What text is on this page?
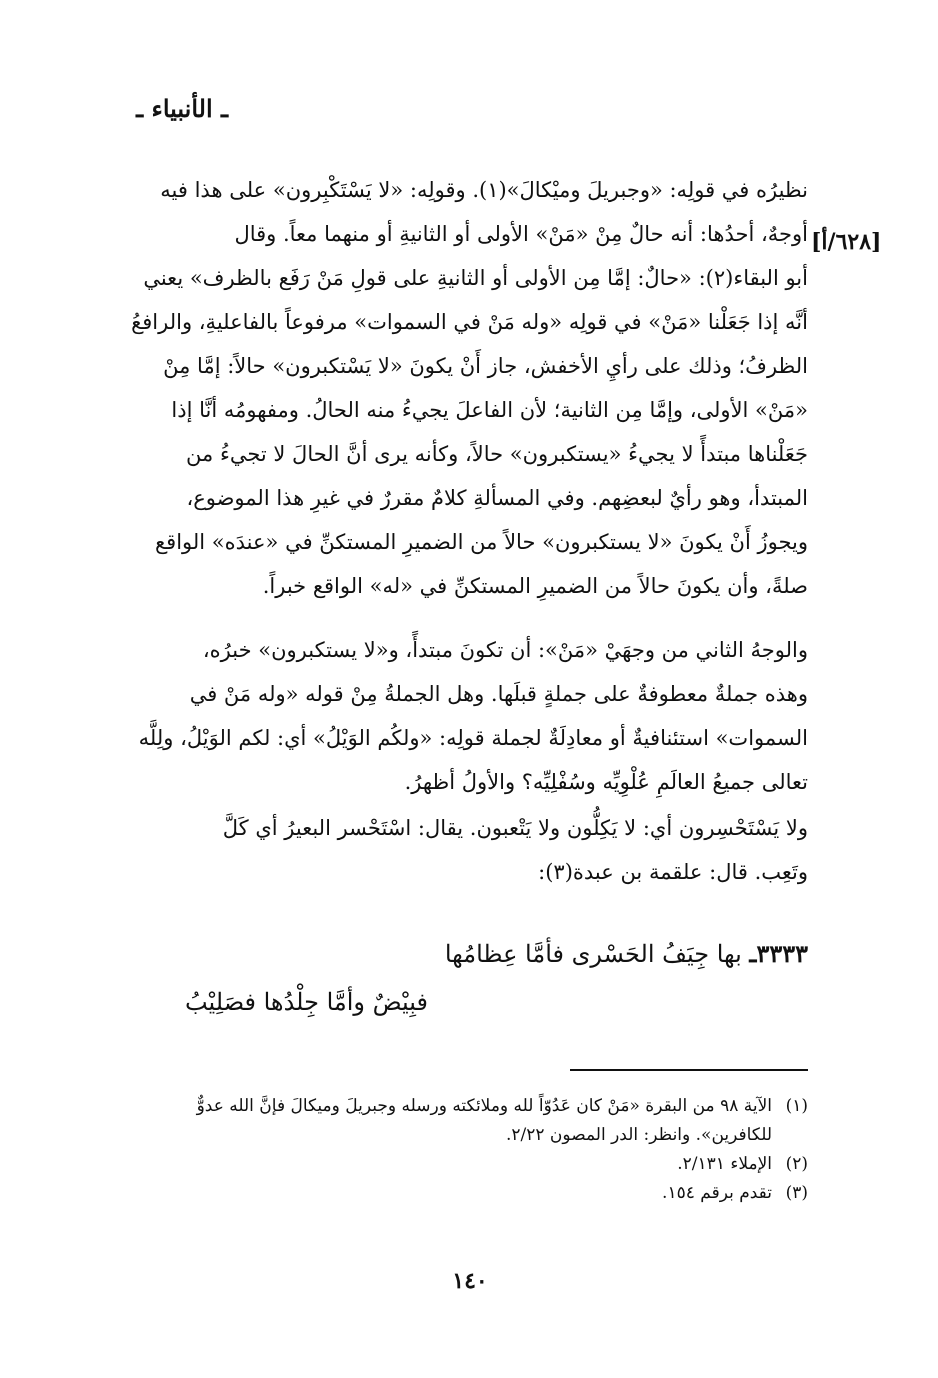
ـ الأنبياء ـ
[٦٢٨/أ]
نظيرُه في قولِه: «وجبريلَ وميْكالَ»(١). وقولِه: «لا يَسْتَكْبِرون» على هذا فيه
أوجهٌ، أحدُها: أنه حالٌ مِنْ «مَنْ» الأولى أو الثانيةِ أو منهما معاً. وقال
أبو البقاء(٢): «حالٌ: إمَّا مِن الأولى أو الثانيةِ على قولِ مَنْ رَفَع بالظرف» يعني
أنَّه إذا جَعَلْنا «مَنْ» في قولِه «وله مَنْ في السموات» مرفوعاً بالفاعليةِ، والرافعُ
الظرفُ؛ وذلك على رأيِ الأخفش، جاز أَنْ يكونَ «لا يَسْتكبرون» حالاً: إمَّا مِنْ
«مَنْ» الأولى، وإمَّا مِن الثانية؛ لأن الفاعلَ يجيءُ منه الحالُ. ومفهومُه أنَّا إذا
جَعَلْناها مبتدأً لا يجيءُ «يستكبرون» حالاً، وكأنه يرى أنَّ الحالَ لا تجيءُ من
المبتدأ، وهو رأيٌ لبعضِهم. وفي المسألةِ كلامٌ مقررٌ في غيرِ هذا الموضوع،
ويجوزُ أَنْ يكونَ «لا يستكبرون» حالاً من الضميرِ المستكنِّ في «عندَه» الواقع
صلةً، وأن يكونَ حالاً من الضميرِ المستكنِّ في «له» الواقع خبراً.
والوجهُ الثاني من وجهَيْ «مَنْ»: أن تكونَ مبتدأً، و«لا يستكبرون» خبرُه،
وهذه جملةٌ معطوفةٌ على جملةٍ قبلَها. وهل الجملةُ مِنْ قوله «وله مَنْ في
السموات» استئنافيةٌ أو معادِلَةٌ لجملة قولِه: «ولكُم الوَيْلُ» أي: لكم الوَيْلُ، ولِلَّه
تعالى جميعُ العالَمِ عُلْوِيِّه وسُفْلِيِّه؟ والأولُ أظهرُ.
ولا يَسْتَحْسِرون أي: لا يَكِلُّون ولا يَتْعبون. يقال: اسْتَحْسر البعيرُ أي كَلَّ
وتَعِب. قال: علقمة بن عبدة(٣):
٣٣٣٣ـ بها جِيَفُ الحَسْرى فأمَّا عِظامُها
فبِيْضٌ وأمَّا جِلْدُها فصَلِيْبُ
(١)الآية ٩٨ من البقرة «مَنْ كان عَدُوّاً لله وملائكته ورسله وجبريلَ وميكالَ فإنَّ الله عدوٌّ
للكافرين». وانظر: الدر المصون ٢/٢٢.
(٢)الإملاء ٢/١٣١.
(٣)تقدم برقم ١٥٤.
١٤٠
